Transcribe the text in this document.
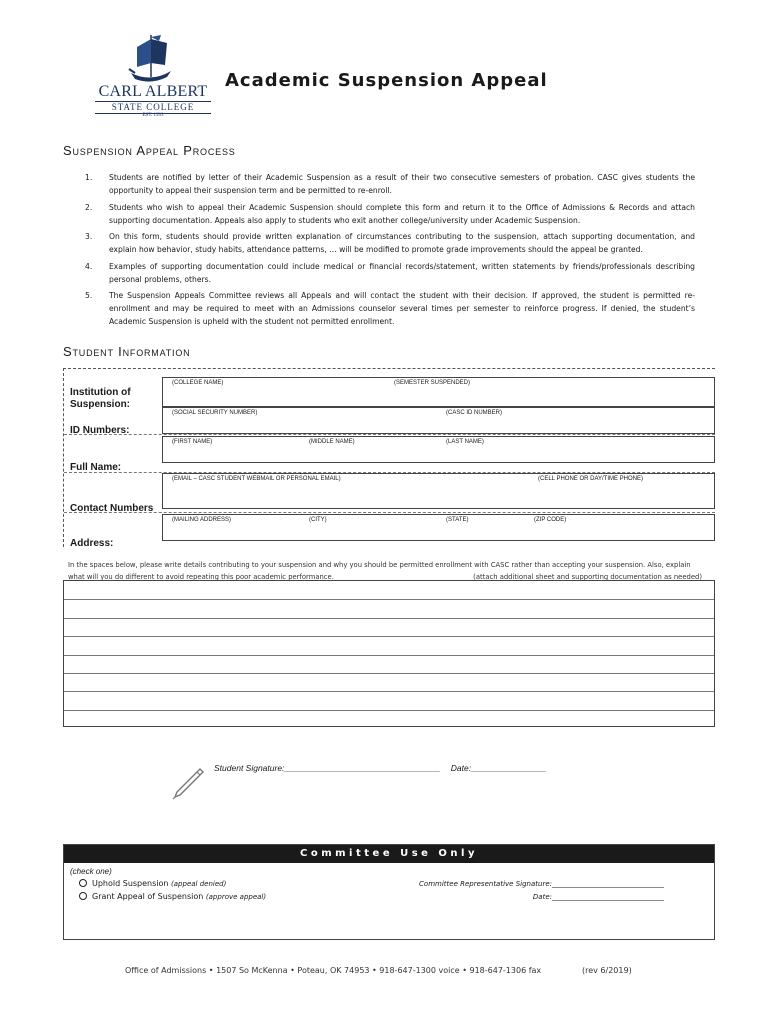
CARL ALBERT
STATE COLLEGE
EST. 1933
Academic Suspension Appeal
Suspension Appeal Process
1. Students are notified by letter of their Academic Suspension as a result of their two consecutive semesters of probation. CASC gives students the opportunity to appeal their suspension term and be permitted to re-enroll.
2. Students who wish to appeal their Academic Suspension should complete this form and return it to the Office of Admissions & Records and attach supporting documentation. Appeals also apply to students who exit another college/university under Academic Suspension.
3. On this form, students should provide written explanation of circumstances contributing to the suspension, attach supporting documentation, and explain how behavior, study habits, attendance patterns, … will be modified to promote grade improvements should the appeal be granted.
4. Examples of supporting documentation could include medical or financial records/statement, written statements by friends/professionals describing personal problems, others.
5. The Suspension Appeals Committee reviews all Appeals and will contact the student with their decision. If approved, the student is permitted re-enrollment and may be required to meet with an Admissions counselor several times per semester to reinforce progress. If denied, the student’s Academic Suspension is upheld with the student not permitted enrollment.
Student Information
(COLLEGE NAME)	(SEMESTER SUSPENDED)
Institution of Suspension:
(SOCIAL SECURITY NUMBER)	(CASC ID NUMBER)
ID Numbers:
(FIRST NAME)	(MIDDLE NAME)	(LAST NAME)
Full Name:
(EMAIL – CASC STUDENT WEBMAIL OR PERSONAL EMAIL)	(CELL PHONE OR DAY/TIME PHONE)
Contact Numbers
(MAILING ADDRESS)	(CITY)	(STATE)	(ZIP CODE)
Address:
In the spaces below, please write details contributing to your suspension and why you should be permitted enrollment with CASC rather than accepting your suspension. Also, explain what will you do different to avoid repeating this poor academic performance.	(attach additional sheet and supporting documentation as needed)
Student Signature:_________________________________ Date:________________
Committee Use Only
(check one)
Uphold Suspension (appeal denied)
Grant Appeal of Suspension (approve appeal)
Committee Representative Signature:________________________________
Date:________________________________
Office of Admissions • 1507 So McKenna • Poteau, OK 74953 • 918-647-1300 voice • 918-647-1306 fax	(rev 6/2019)
